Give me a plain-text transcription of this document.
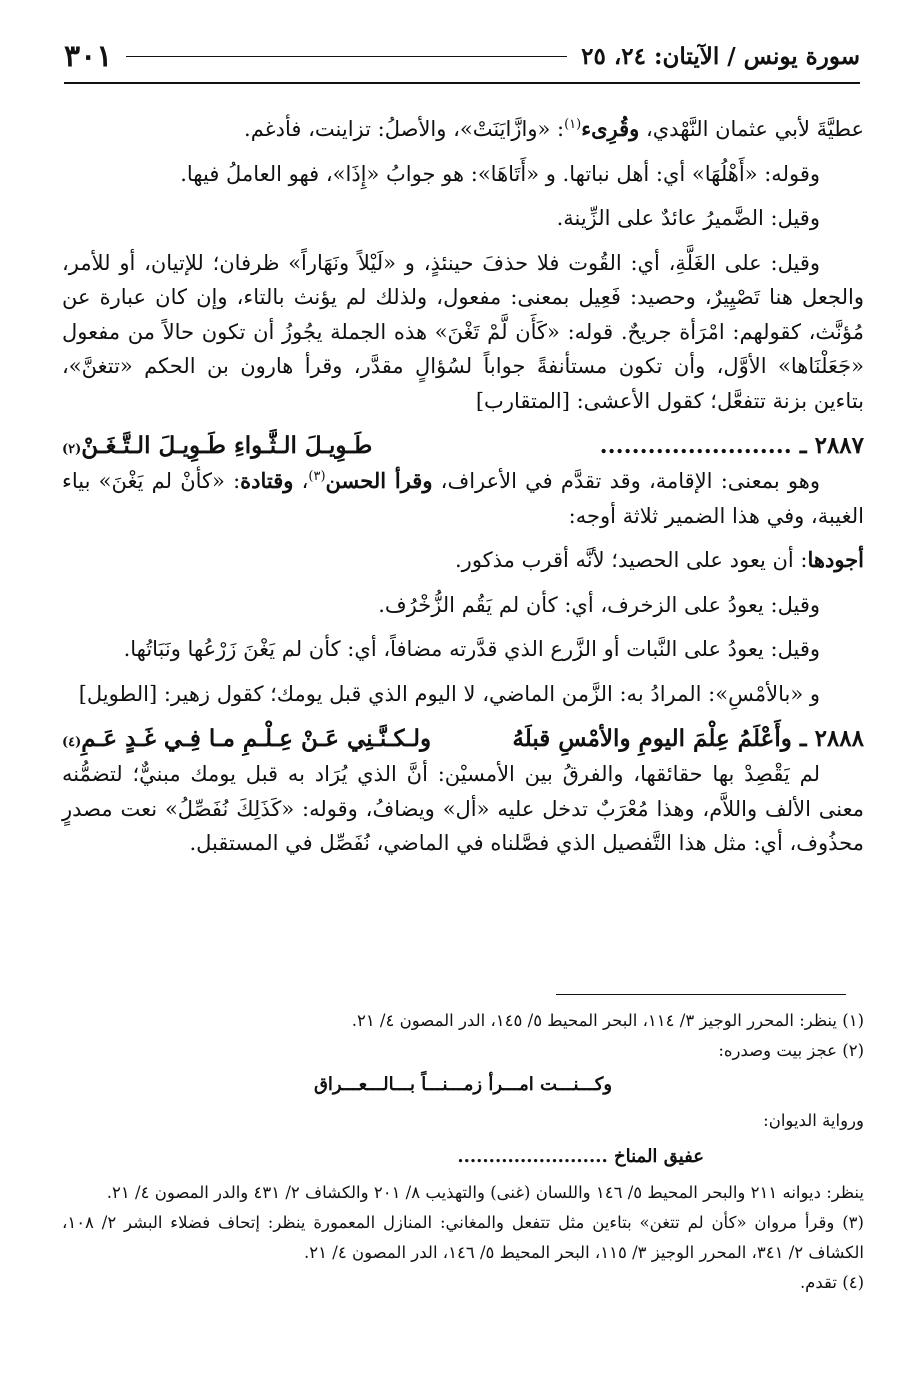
سورة يونس / الآيتان: ٢٤، ٢٥
٣٠١

عطيَّةَ لأبي عثمان النَّهْدي، وقُرِىء$^{(١)}$: «وازَّايَنَتْ»، والأصلُ: تزاينت، فأدغم.

وقوله: «أَهْلُهَا» أي: أهل نباتها. و «أَتَاهَا»: هو جوابُ «إِذَا»، فهو العاملُ فيها.

وقيل: الضَّميرُ عائدٌ على الزِّينة.

وقيل: على الغَلَّةِ، أي: القُوت فلا حذفَ حينئذٍ، و «لَيْلاً ونَهَاراً» ظرفان؛ للإتيان، أو للأمر، والجعل هنا تَصْيِيرٌ، وحصيد: فَعِيل بمعنى: مفعول، ولذلك لم يؤنث بالتاء، وإن كان عبارة عن مُؤنَّث، كقولهم: امْرَأة جريحٌ. قوله: «كَأَن لَّمْ تَغْنَ» هذه الجملة يجُوزُ أن تكون حالاً من مفعول «جَعَلْنَاها» الأوَّل، وأن تكون مستأنفةً جواباً لسُؤالٍ مقدَّر، وقرأ هارون بن الحكم «تتغنَّ»، بتاءين بزنة تتفعَّل؛ كقول الأعشى: [المتقارب]

٢٨٨٧ ـ
........................
طَـوِيـلَ الـثَّـواءِ طَـوِيـلَ الـتَّـغَـنْ
(٢)

وهو بمعنى: الإقامة، وقد تقدَّم في الأعراف، وقرأ الحسن$^{(٣)}$، وقتادة: «كأنْ لم يَغْنَ» بياء الغيبة، وفي هذا الضمير ثلاثة أوجه:

أجودها: أن يعود على الحصيد؛ لأنَّه أقرب مذكور.

وقيل: يعودُ على الزخرف، أي: كأن لم يَقُم الزُّخْرُف.

وقيل: يعودُ على النَّبات أو الزَّرع الذي قدَّرته مضافاً، أي: كأن لم يَغْنَ زَرْعُها ونَبَاتُها.

و «بالأمْسِ»: المرادُ به: الزَّمن الماضي، لا اليوم الذي قبل يومك؛ كقول زهير: [الطويل]

٢٨٨٨ ـ
وأَعْلَمُ عِلْمَ اليومِ والأمْسِ قبلَهُ
ولـكـنَّـنِي عَـنْ عِـلْـمِ مـا فِـي غَـدٍ عَـمِ
(٤)

لم يَقْصِدْ بها حقائقها، والفرقُ بين الأمسيْن: أنَّ الذي يُرَاد به قبل يومك مبنيٌّ؛ لتضمُّنه معنى الألف واللاَّم، وهذا مُعْرَبٌ تدخل عليه «أل» ويضافُ، وقوله: «كَذَلِكَ نُفَصِّلُ» نعت مصدرٍ محذُوف، أي: مثل هذا التَّفصيل الذي فصَّلناه في الماضي، نُفَصِّل في المستقبل.

(١) ينظر: المحرر الوجيز ٣/ ١١٤، البحر المحيط ٥/ ١٤٥، الدر المصون ٤/ ٢١.

(٢) عجز بيت وصدره:

وكـــنـــت امـــرأ زمـــنـــاً بـــالـــعـــراق

ورواية الديوان:

عفيق المناخ ........................

ينظر: ديوانه ٢١١ والبحر المحيط ٥/ ١٤٦ واللسان (غنى) والتهذيب ٨/ ٢٠١ والكشاف ٢/ ٤٣١ والدر المصون ٤/ ٢١.

(٣) وقرأ مروان «كأن لم تتغن» بتاءين مثل تتفعل والمغاني: المنازل المعمورة ينظر: إتحاف فضلاء البشر ٢/ ١٠٨، الكشاف ٢/ ٣٤١، المحرر الوجيز ٣/ ١١٥، البحر المحيط ٥/ ١٤٦، الدر المصون ٤/ ٢١.

(٤) تقدم.
